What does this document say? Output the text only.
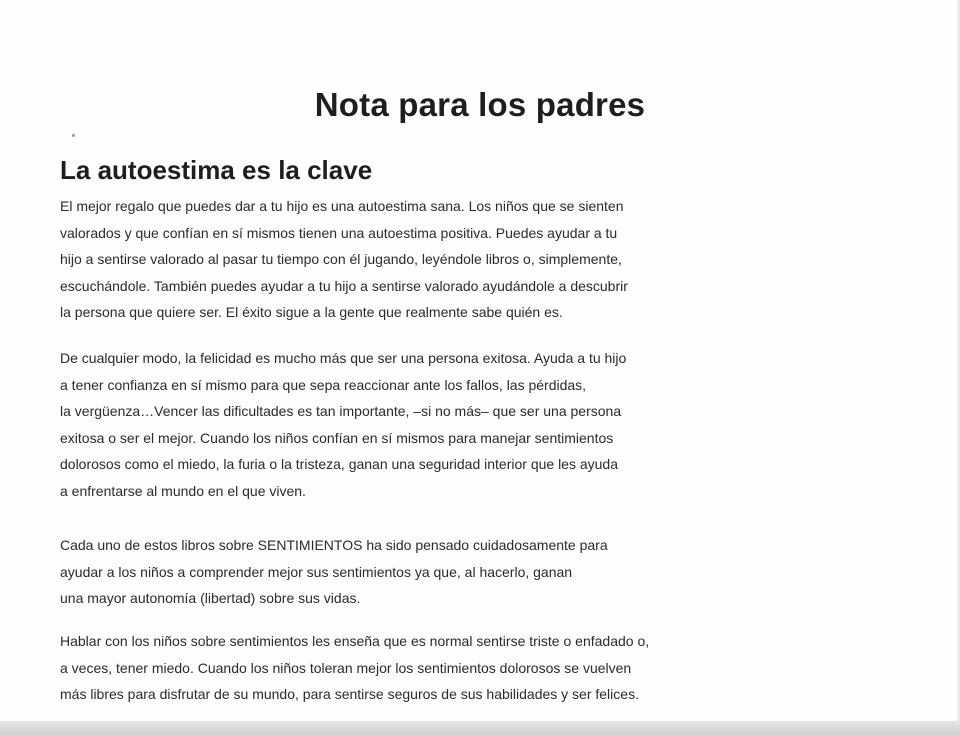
Nota para los padres
La autoestima es la clave

El mejor regalo que puedes dar a tu hijo es una autoestima sana. Los niños que se sienten
valorados y que confían en sí mismos tienen una autoestima positiva. Puedes ayudar a tu
hijo a sentirse valorado al pasar tu tiempo con él jugando, leyéndole libros o, simplemente,
escuchándole. También puedes ayudar a tu hijo a sentirse valorado ayudándole a descubrir
la persona que quiere ser. El éxito sigue a la gente que realmente sabe quién es.

De cualquier modo, la felicidad es mucho más que ser una persona exitosa. Ayuda a tu hijo
a tener confianza en sí mismo para que sepa reaccionar ante los fallos, las pérdidas,
la vergüenza…Vencer las dificultades es tan importante, –si no más– que ser una persona
exitosa o ser el mejor. Cuando los niños confían en sí mismos para manejar sentimientos
dolorosos como el miedo, la furia o la tristeza, ganan una seguridad interior que les ayuda
a enfrentarse al mundo en el que viven.

Cada uno de estos libros sobre SENTIMIENTOS ha sido pensado cuidadosamente para
ayudar a los niños a comprender mejor sus sentimientos ya que, al hacerlo, ganan
una mayor autonomía (libertad) sobre sus vidas.

Hablar con los niños sobre sentimientos les enseña que es normal sentirse triste o enfadado o,
a veces, tener miedo. Cuando los niños toleran mejor los sentimientos dolorosos se vuelven
más libres para disfrutar de su mundo, para sentirse seguros de sus habilidades y ser felices.
